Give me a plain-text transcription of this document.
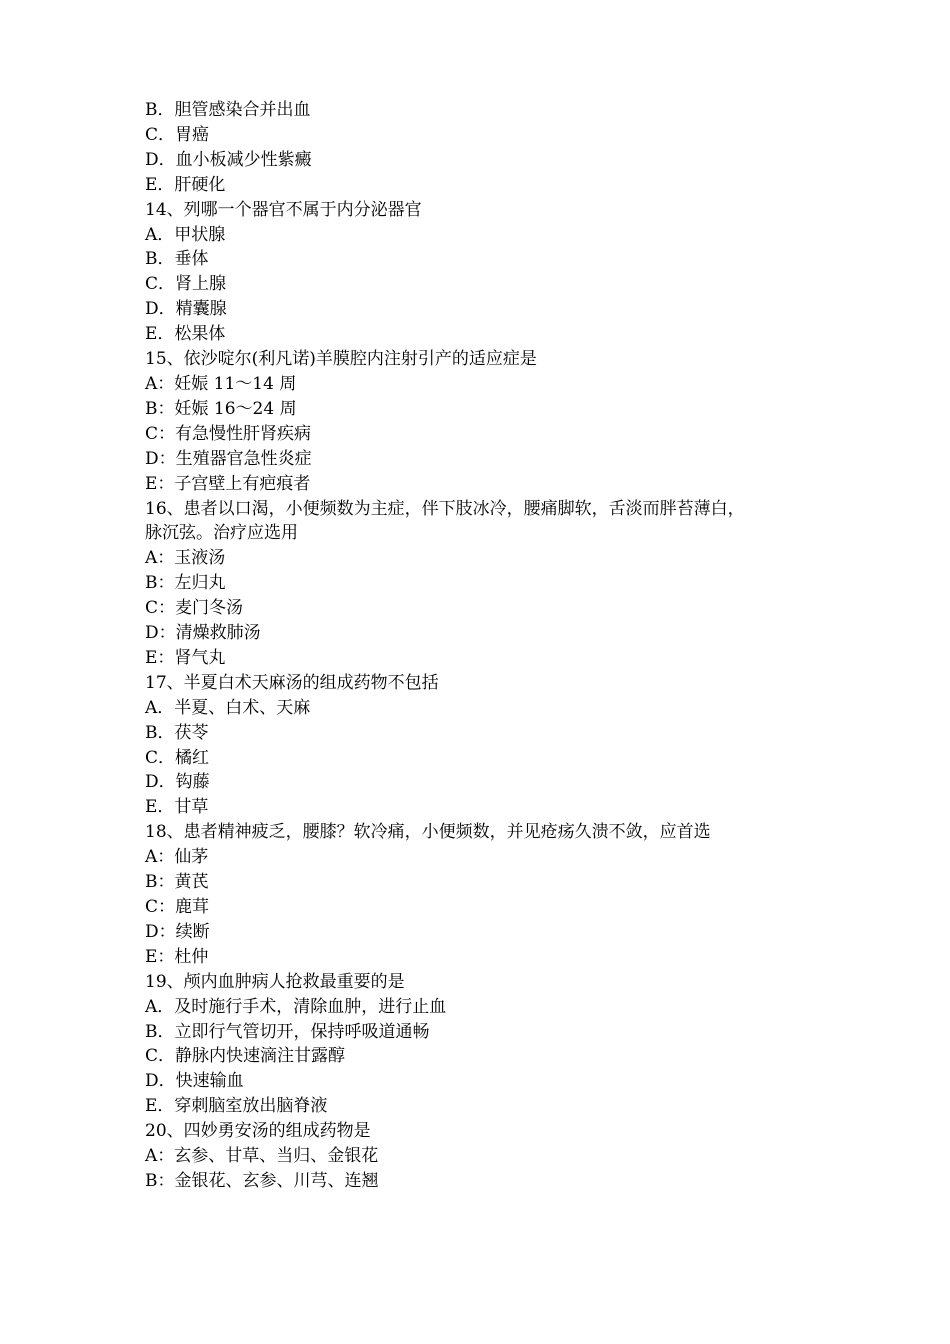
B．胆管感染合并出血

C．胃癌

D．血小板减少性紫癜

E．肝硬化

14、列哪一个器官不属于内分泌器官

A．甲状腺

B．垂体

C．肾上腺

D．精囊腺

E．松果体

15、依沙啶尔(利凡诺)羊膜腔内注射引产的适应症是

A：妊娠 11～14 周

B：妊娠 16～24 周

C：有急慢性肝肾疾病

D：生殖器官急性炎症

E：子宫壁上有疤痕者

16、患者以口渴，小便频数为主症，伴下肢冰冷，腰痛脚软，舌淡而胖苔薄白，

脉沉弦。治疗应选用

A：玉液汤

B：左归丸

C：麦门冬汤

D：清燥救肺汤

E：肾气丸

17、半夏白术天麻汤的组成药物不包括

A．半夏、白术、天麻

B．茯苓

C．橘红

D．钩藤

E．甘草

18、患者精神疲乏，腰膝？软冷痛，小便频数，并见疮疡久溃不敛，应首选

A：仙茅

B：黄芪

C：鹿茸

D：续断

E：杜仲

19、颅内血肿病人抢救最重要的是

A．及时施行手术，清除血肿，进行止血

B．立即行气管切开，保持呼吸道通畅

C．静脉内快速滴注甘露醇

D．快速输血

E．穿刺脑室放出脑脊液

20、四妙勇安汤的组成药物是

A：玄参、甘草、当归、金银花

B：金银花、玄参、川芎、连翘
